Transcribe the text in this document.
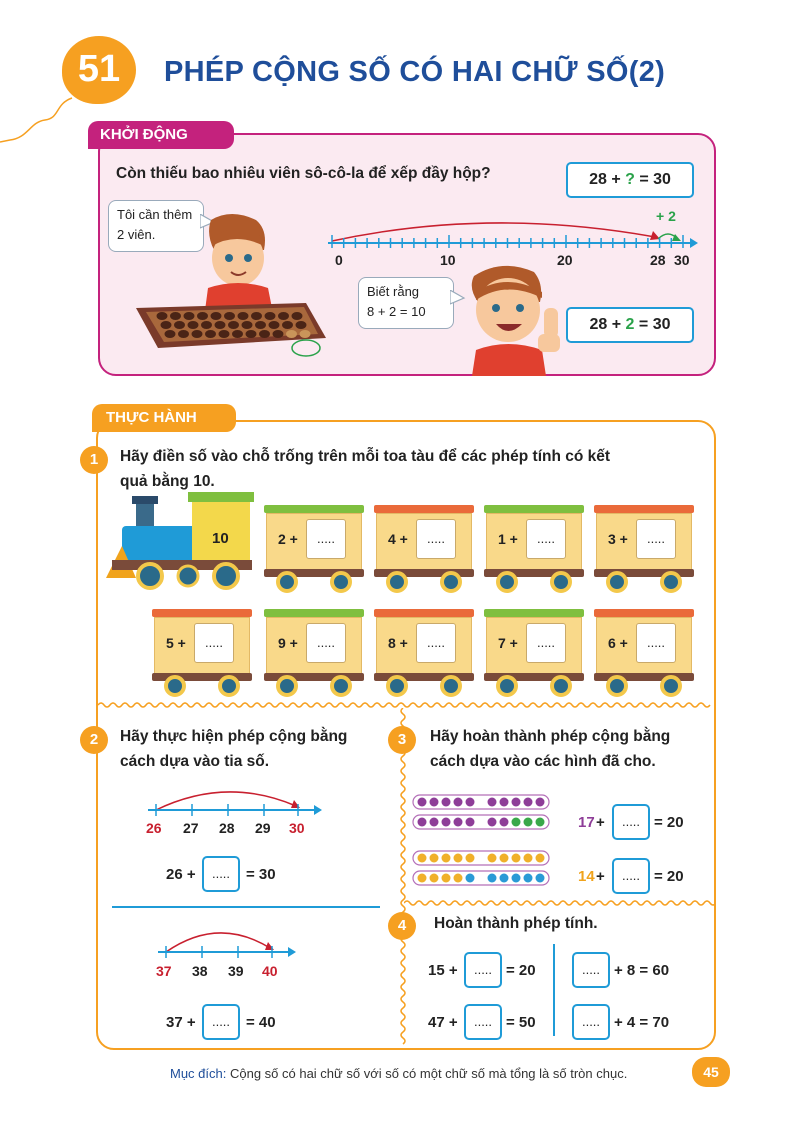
51	PHÉP CỘNG SỐ CÓ HAI CHỮ SỐ(2)
KHỞI ĐỘNG
Còn thiếu bao nhiêu viên sô-cô-la để xếp đầy hộp?	28 + ? = 30
28 + 2 = 30
+ 2
0	10	20	28 30
Tôi cần thêm
2 viên.
Biết rằng
8 + 2 = 10
THỰC HÀNH
1	Hãy điền số vào chỗ trống trên mỗi toa tàu để các phép tính có kết
quả bằng 10.
10	2 +	.....	4 +	.....	1 +	.....	3 +	.....
5 +	.....	9 +	.....	8 +	.....	7 +	.....	6 +	.....
2	Hãy thực hiện phép cộng bằng
cách dựa vào tia số.
26 27 28 29 30
26 +	.....	= 30
37 38 39 40
37 +	.....	= 40
3	Hãy hoàn thành phép cộng bằng
cách dựa vào các hình đã cho.
17 +	..... = 20
14 +	..... = 20
4	Hoàn thành phép tính.
15 +	..... = 20
47 +	..... = 50
..... + 8 = 60
..... + 4 = 70
Mục đích: Cộng số có hai chữ số với số có một chữ số mà tổng là số tròn chục.	45
